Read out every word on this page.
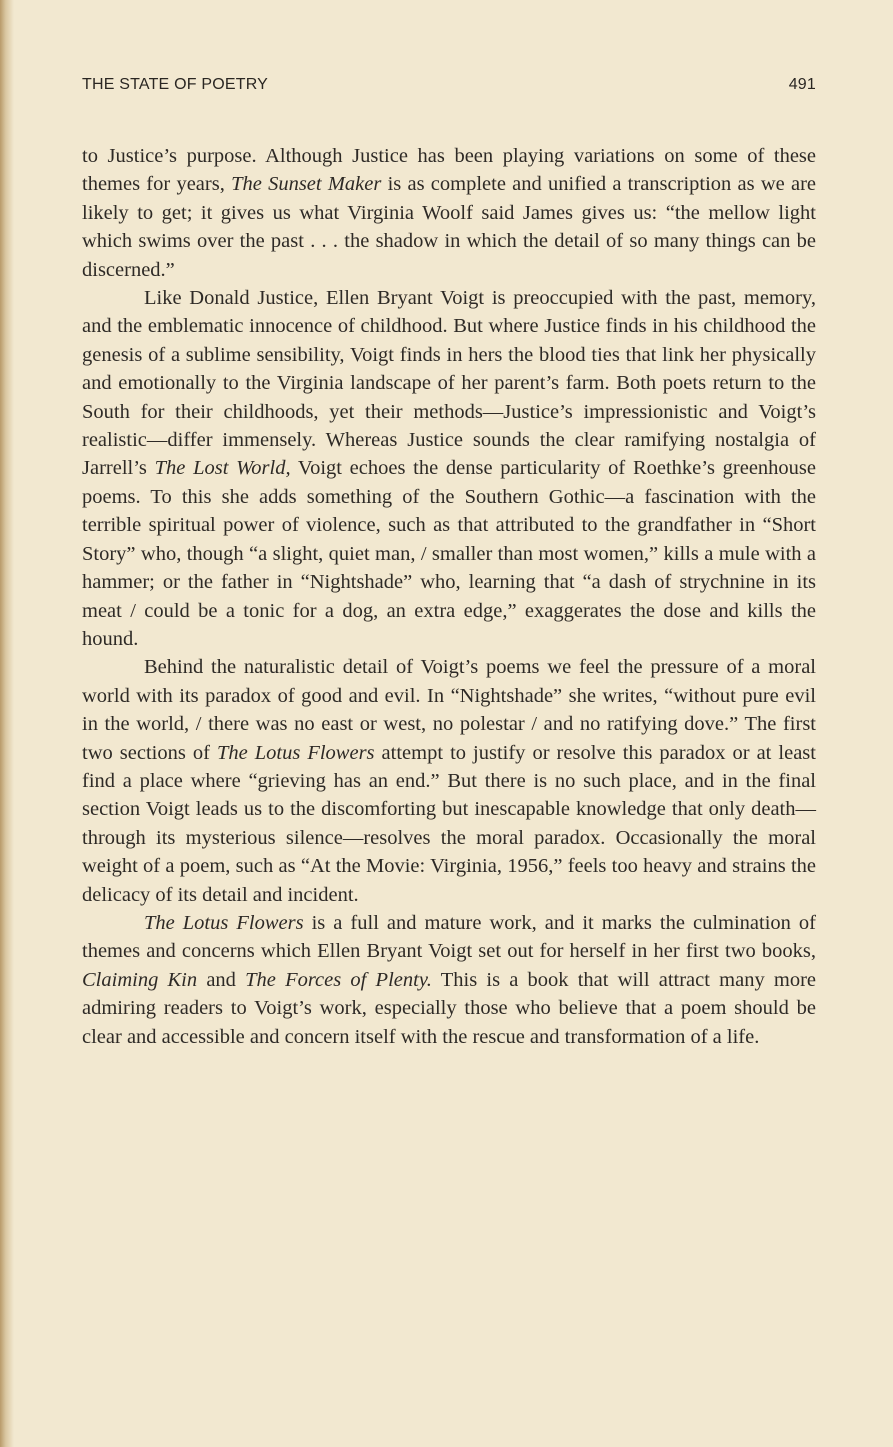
THE STATE OF POETRY	491

to Justice’s purpose. Although Justice has been playing variations on some of these themes for years, The Sunset Maker is as complete and unified a transcription as we are likely to get; it gives us what Virginia Woolf said James gives us: “the mellow light which swims over the past . . . the shadow in which the detail of so many things can be discerned.”

Like Donald Justice, Ellen Bryant Voigt is preoccupied with the past, memory, and the emblematic innocence of childhood. But where Justice finds in his childhood the genesis of a sublime sensibility, Voigt finds in hers the blood ties that link her physically and emotionally to the Virginia landscape of her parent’s farm. Both poets return to the South for their childhoods, yet their methods—Justice’s impressionistic and Voigt’s realistic—differ immensely. Whereas Justice sounds the clear ramifying nostalgia of Jarrell’s The Lost World, Voigt echoes the dense particularity of Roethke’s greenhouse poems. To this she adds something of the Southern Gothic—a fascination with the terrible spiritual power of violence, such as that attributed to the grandfather in “Short Story” who, though “a slight, quiet man, / smaller than most women,” kills a mule with a hammer; or the father in “Nightshade” who, learning that “a dash of strychnine in its meat / could be a tonic for a dog, an extra edge,” exaggerates the dose and kills the hound.

Behind the naturalistic detail of Voigt’s poems we feel the pressure of a moral world with its paradox of good and evil. In “Nightshade” she writes, “without pure evil in the world, / there was no east or west, no polestar / and no ratifying dove.” The first two sections of The Lotus Flowers attempt to justify or resolve this paradox or at least find a place where “grieving has an end.” But there is no such place, and in the final section Voigt leads us to the discomforting but inescapable knowledge that only death—through its mysterious silence—resolves the moral paradox. Occasionally the moral weight of a poem, such as “At the Movie: Virginia, 1956,” feels too heavy and strains the delicacy of its detail and incident.

The Lotus Flowers is a full and mature work, and it marks the culmination of themes and concerns which Ellen Bryant Voigt set out for herself in her first two books, Claiming Kin and The Forces of Plenty. This is a book that will attract many more admiring readers to Voigt’s work, especially those who believe that a poem should be clear and accessible and concern itself with the rescue and transformation of a life.
